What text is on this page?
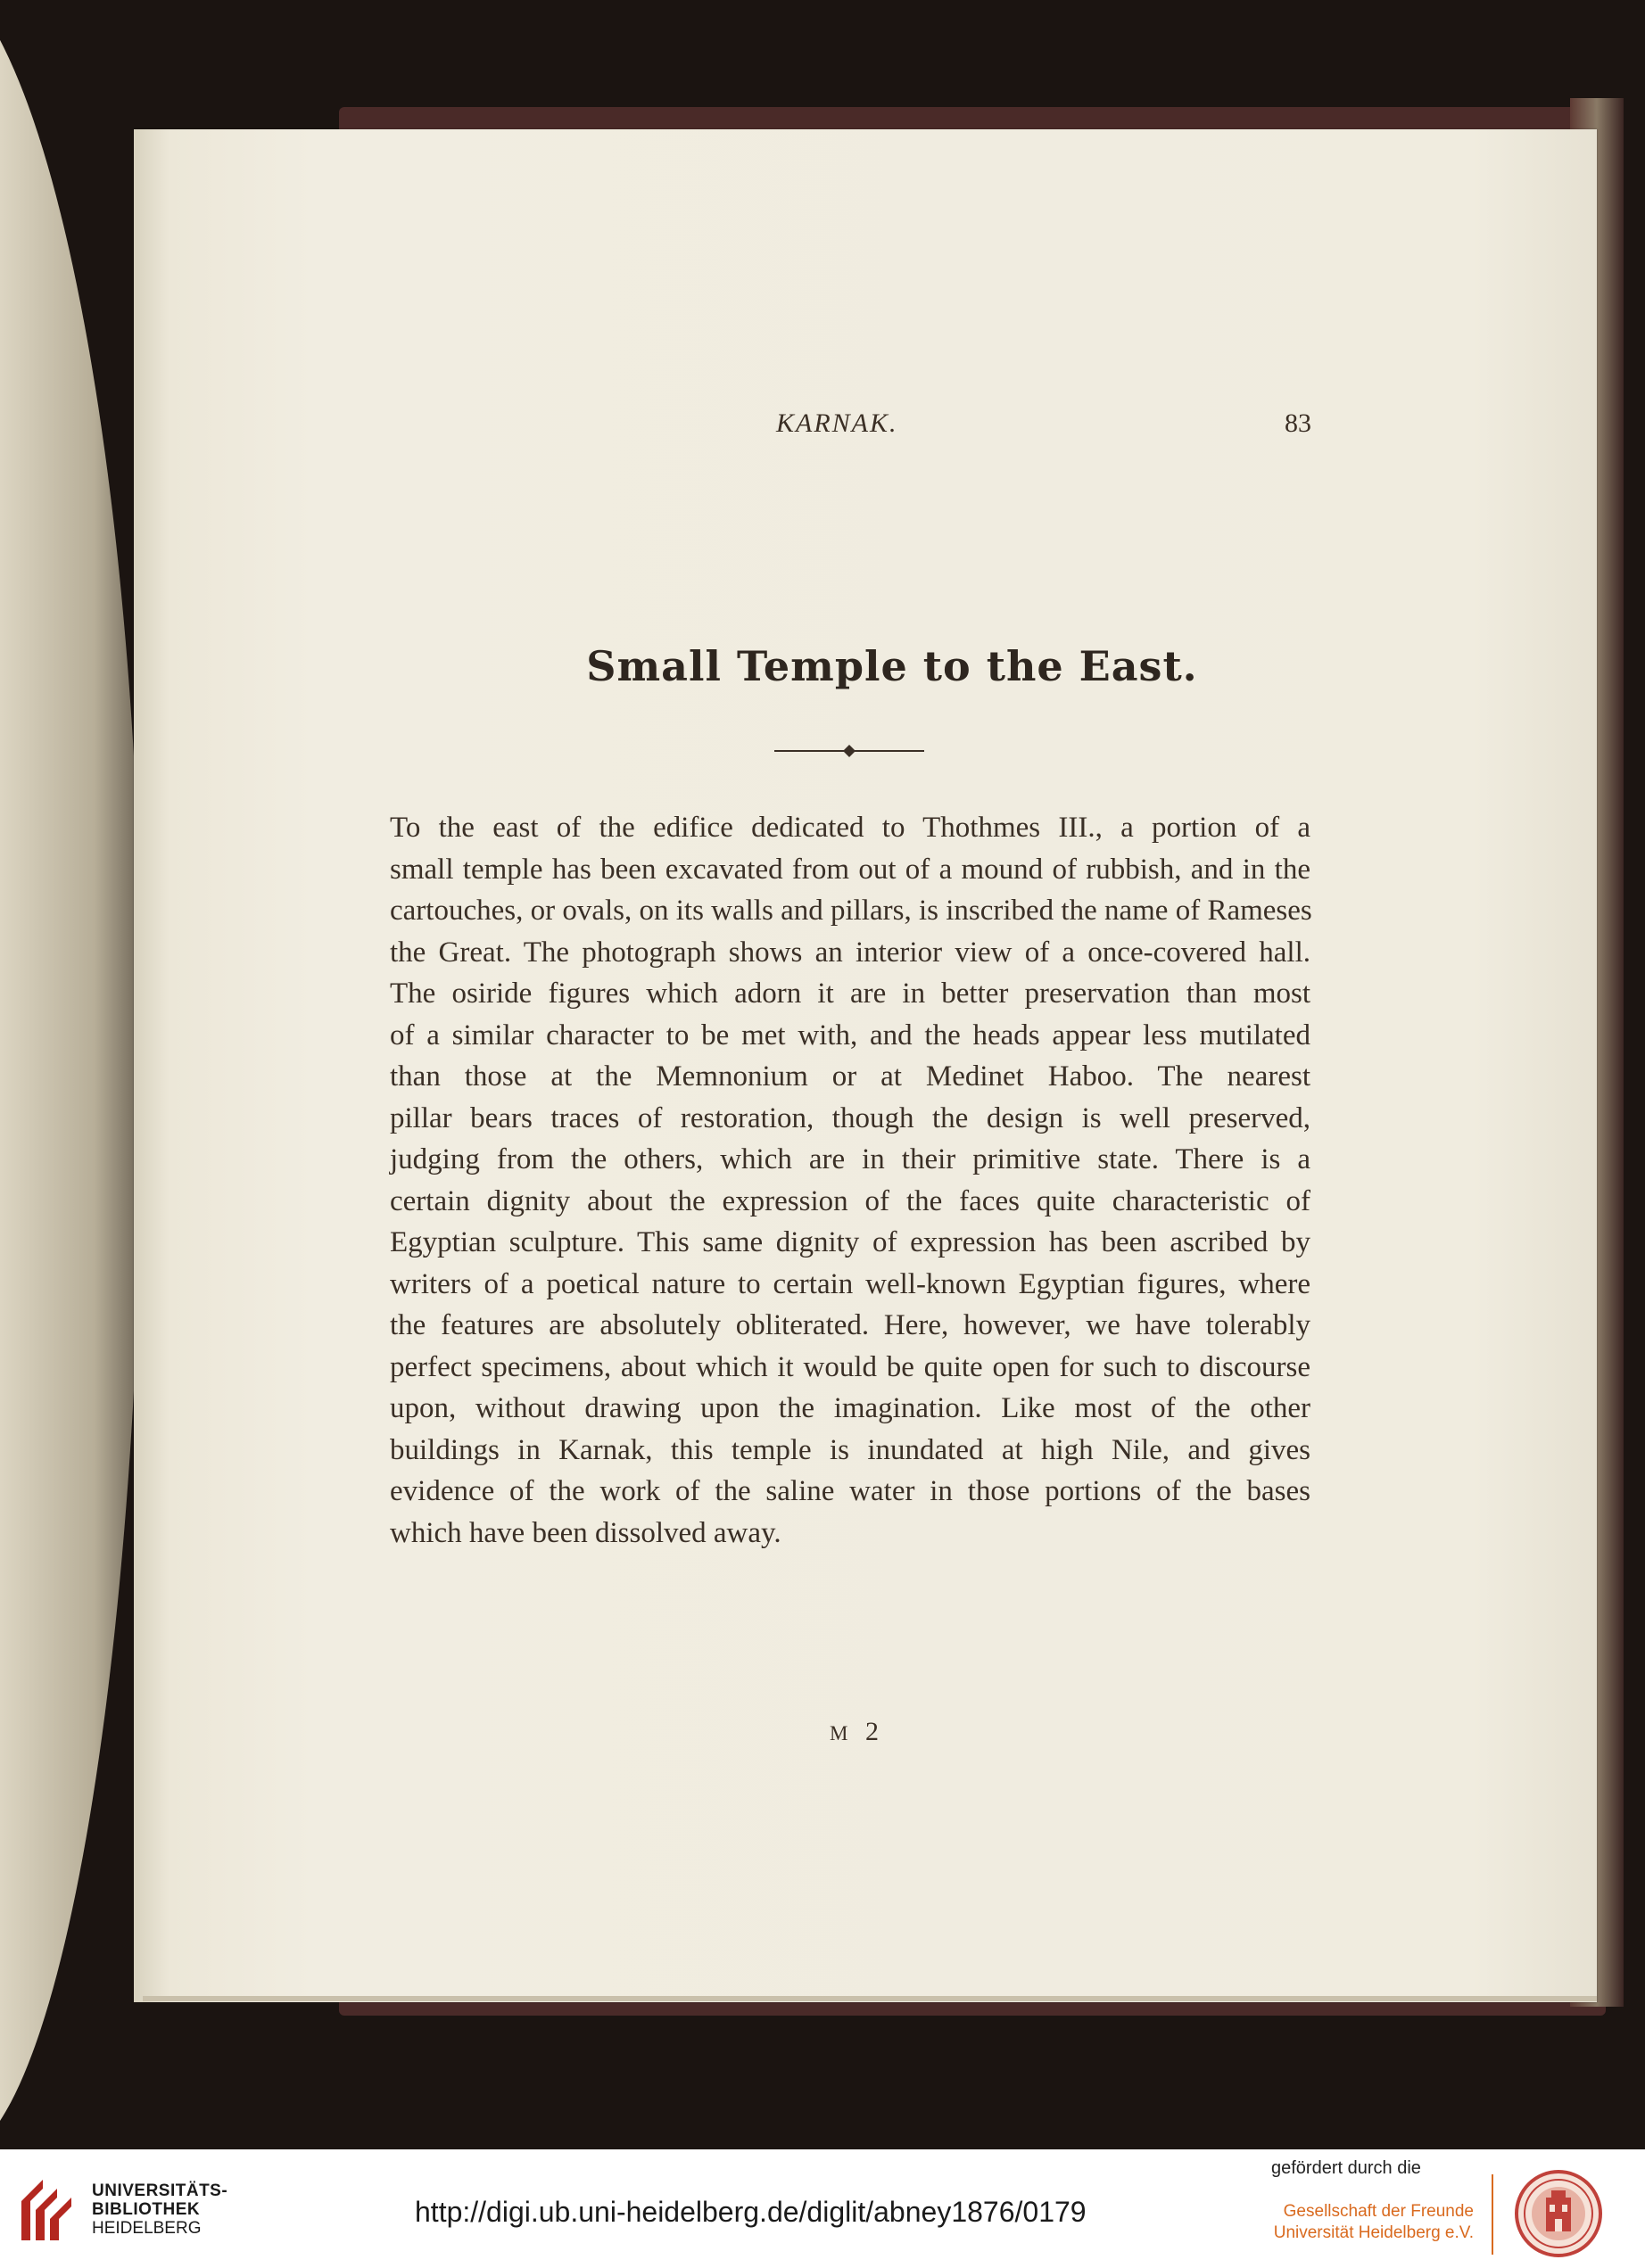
KARNAK.	83
Small Temple to the East.

To the east of the edifice dedicated to Thothmes III., a portion of a
small temple has been excavated from out of a mound of rubbish, and in the
cartouches, or ovals, on its walls and pillars, is inscribed the name of Rameses
the Great. The photograph shows an interior view of a once-covered hall.
The osiride figures which adorn it are in better preservation than most
of a similar character to be met with, and the heads appear less mutilated
than those at the Memnonium or at Medinet Haboo. The nearest
pillar bears traces of restoration, though the design is well preserved,
judging from the others, which are in their primitive state. There is a
certain dignity about the expression of the faces quite characteristic of
Egyptian sculpture. This same dignity of expression has been ascribed by
writers of a poetical nature to certain well-known Egyptian figures, where
the features are absolutely obliterated. Here, however, we have tolerably
perfect specimens, about which it would be quite open for such to discourse
upon, without drawing upon the imagination. Like most of the other
buildings in Karnak, this temple is inundated at high Nile, and gives
evidence of the work of the saline water in those portions of the bases
which have been dissolved away.

M 2
UNIVERSITÄTS-
BIBLIOTHEK
HEIDELBERG
http://digi.ub.uni-heidelberg.de/diglit/abney1876/0179
gefördert durch die
Gesellschaft der Freunde
Universität Heidelberg e.V.
